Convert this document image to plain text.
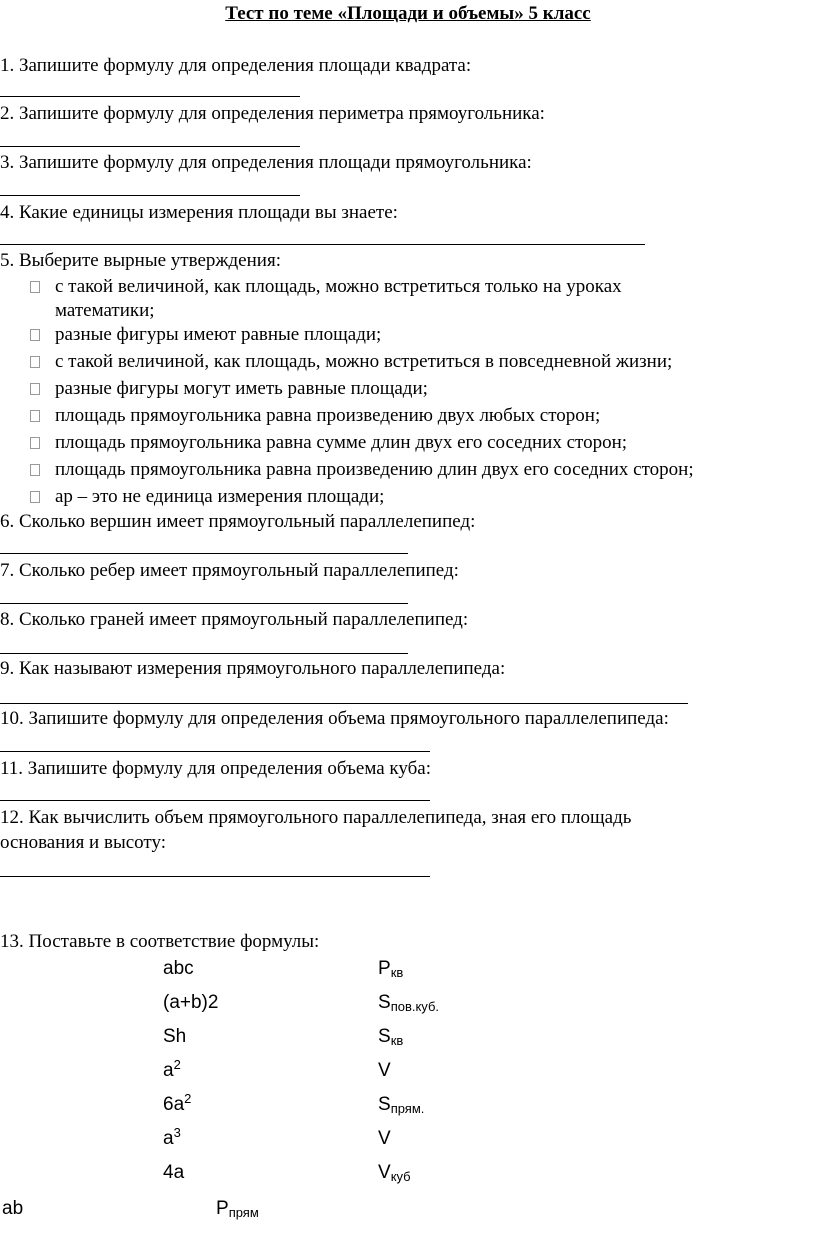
Тест по теме «Площади и объемы» 5 класс
1. Запишите формулу для определения площади квадрата:
2. Запишите формулу для определения периметра прямоугольника:
3. Запишите формулу для определения площади прямоугольника:
4. Какие единицы измерения площади вы знаете:
5. Выберите вырные утверждения:
с такой величиной, как площадь, можно встретиться только на уроках
математики;
разные фигуры имеют равные площади;
с такой величиной, как площадь, можно встретиться в повседневной жизни;
разные фигуры могут иметь равные площади;
площадь прямоугольника равна произведению двух любых сторон;
площадь прямоугольника равна сумме длин двух его соседних сторон;
площадь прямоугольника равна произведению длин двух его соседних сторон;
ар – это не единица измерения площади;
6. Сколько вершин имеет прямоугольный параллелепипед:
7. Сколько ребер имеет прямоугольный параллелепипед:
8. Сколько граней имеет прямоугольный параллелепипед:
9. Как называют измерения прямоугольного параллелепипеда:
10. Запишите формулу для определения объема прямоугольного параллелепипеда:
11. Запишите формулу для определения объема куба:
12. Как вычислить объем прямоугольного параллелепипеда, зная его площадь
основания и высоту:
13. Поставьте в соответствие формулы:
abc	$P_{кв}$
(a+b)2	$S_{пов.куб.}$
Sh	$S_{кв}$
$a^2$	V
$6a^2$	$S_{прям.}$
$a^3$	V
4a	$V_{куб}$
ab	$P_{прям}$
